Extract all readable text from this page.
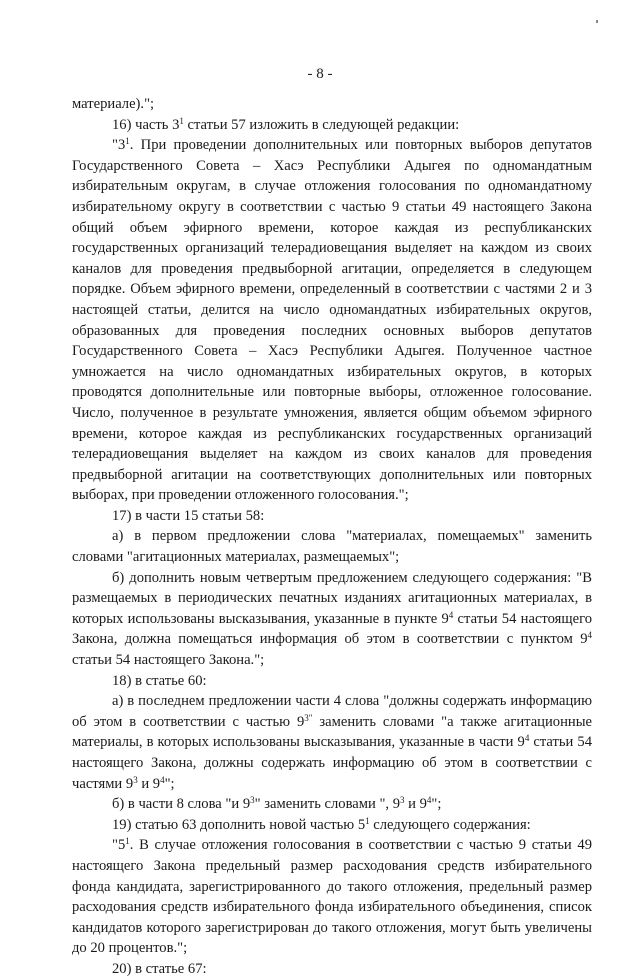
- 8 -

материале).";

16) часть $3^1$ статьи 57 изложить в следующей редакции:

"$3^1$. При проведении дополнительных или повторных выборов депутатов Государственного Совета – Хасэ Республики Адыгея по одномандатным избирательным округам, в случае отложения голосования по одномандатному избирательному округу в соответствии с частью 9 статьи 49 настоящего Закона общий объем эфирного времени, которое каждая из республиканских государственных организаций телерадиовещания выделяет на каждом из своих каналов для проведения предвыборной агитации, определяется в следующем порядке. Объем эфирного времени, определенный в соответствии с частями 2 и 3 настоящей статьи, делится на число одномандатных избирательных округов, образованных для проведения последних основных выборов депутатов Государственного Совета – Хасэ Республики Адыгея. Полученное частное умножается на число одномандатных избирательных округов, в которых проводятся дополнительные или повторные выборы, отложенное голосование. Число, полученное в результате умножения, является общим объемом эфирного времени, которое каждая из республиканских государственных организаций телерадиовещания выделяет на каждом из своих каналов для проведения предвыборной агитации на соответствующих дополнительных или повторных выборах, при проведении отложенного голосования.";

17) в части 15 статьи 58:

а) в первом предложении слова "материалах, помещаемых" заменить словами "агитационных материалах, размещаемых";

б) дополнить новым четвертым предложением следующего содержания: "В размещаемых в периодических печатных изданиях агитационных материалах, в которых использованы высказывания, указанные в пункте $9^4$ статьи 54 настоящего Закона, должна помещаться информация об этом в соответствии с пунктом $9^4$ статьи 54 настоящего Закона.";

18) в статье 60:

а) в последнем предложении части 4 слова "должны содержать информацию об этом в соответствии с частью $9^{3"}$ заменить словами "а также агитационные материалы, в которых использованы высказывания, указанные в части $9^4$ статьи 54 настоящего Закона, должны содержать информацию об этом в соответствии с частями $9^3$ и $9^4$";

б) в части 8 слова "и $9^3$" заменить словами ", $9^3$ и $9^4$";

19) статью 63 дополнить новой частью $5^1$ следующего содержания:

"$5^1$. В случае отложения голосования в соответствии с частью 9 статьи 49 настоящего Закона предельный размер расходования средств избирательного фонда кандидата, зарегистрированного до такого отложения, предельный размер расходования средств избирательного фонда избирательного объединения, список кандидатов которого зарегистрирован до такого отложения, могут быть увеличены до 20 процентов.";

20) в статье 67:
